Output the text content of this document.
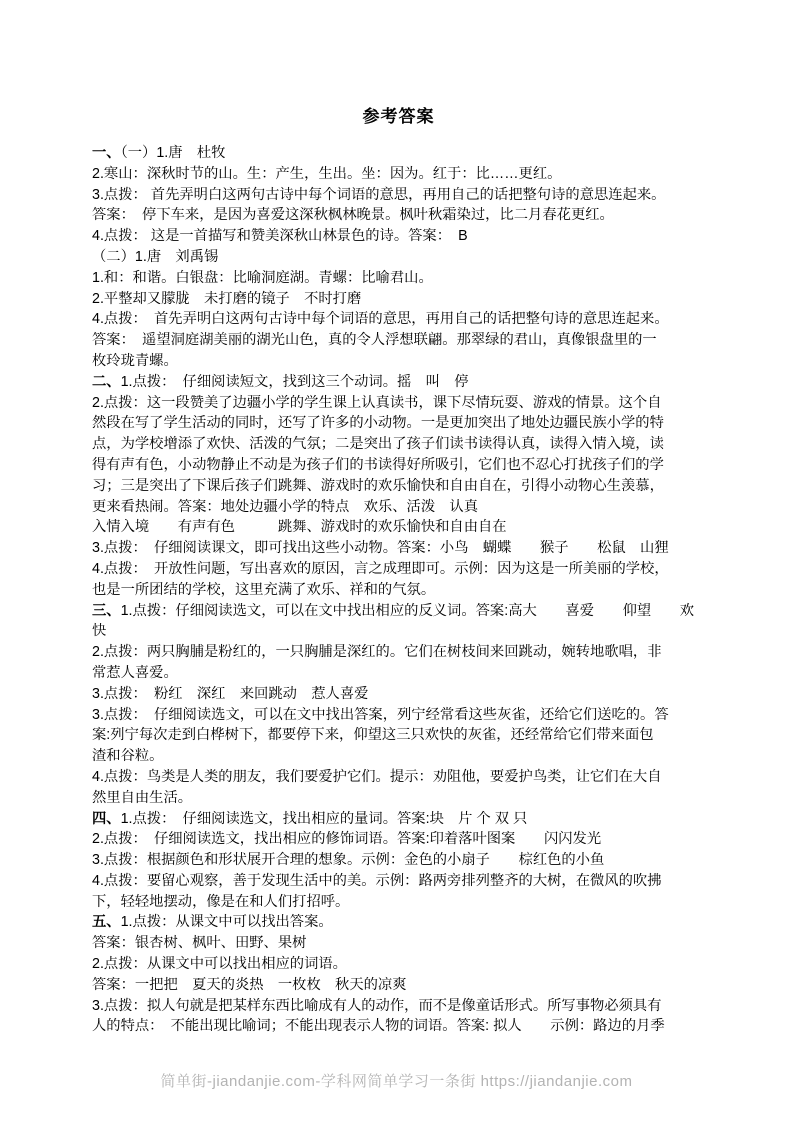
参考答案

一、（一）1.唐　杜牧

2.寒山：深秋时节的山。生：产生，生出。坐：因为。红于：比……更红。

3.点拨： 首先弄明白这两句古诗中每个词语的意思，再用自己的话把整句诗的意思连起来。

答案：　停下车来，是因为喜爱这深秋枫林晚景。枫叶秋霜染过，比二月春花更红。

4.点拨： 这是一首描写和赞美深秋山林景色的诗。答案：　B

（二）1.唐　刘禹锡

1.和：和谐。白银盘：比喻洞庭湖。青螺：比喻君山。

2.平整却又朦胧　未打磨的镜子　不时打磨

4.点拨：　首先弄明白这两句古诗中每个词语的意思，再用自己的话把整句诗的意思连起来。

答案：　遥望洞庭湖美丽的湖光山色，真的令人浮想联翩。那翠绿的君山，真像银盘里的一

枚玲珑青螺。

二、1.点拨：　仔细阅读短文，找到这三个动词。摇　叫　停

2.点拨：这一段赞美了边疆小学的学生课上认真读书，课下尽情玩耍、游戏的情景。这个自

然段在写了学生活动的同时，还写了许多的小动物。一是更加突出了地处边疆民族小学的特

点，为学校增添了欢快、活泼的气氛；二是突出了孩子们读书读得认真，读得入情入境，读

得有声有色，小动物静止不动是为孩子们的书读得好所吸引，它们也不忍心打扰孩子们的学

习；三是突出了下课后孩子们跳舞、游戏时的欢乐愉快和自由自在，引得小动物心生羡慕，

更来看热闹。答案：地处边疆小学的特点　欢乐、活泼　认真

入情入境　　有声有色　　　跳舞、游戏时的欢乐愉快和自由自在

3.点拨：　仔细阅读课文，即可找出这些小动物。答案：小鸟　蝴蝶　　猴子　　松鼠　山狸

4.点拨：　开放性问题，写出喜欢的原因，言之成理即可。示例：因为这是一所美丽的学校，

也是一所团结的学校，这里充满了欢乐、祥和的气氛。

三、1.点拨：仔细阅读选文，可以在文中找出相应的反义词。答案:高大　　喜爱　　仰望　　欢

快

2.点拨：两只胸脯是粉红的，一只胸脯是深红的。它们在树枝间来回跳动，婉转地歌唱，非

常惹人喜爱。

3.点拨：　粉红　深红　来回跳动　惹人喜爱

3.点拨：　仔细阅读选文，可以在文中找出答案，列宁经常看这些灰雀，还给它们送吃的。答

案:列宁每次走到白桦树下，都要停下来，仰望这三只欢快的灰雀，还经常给它们带来面包

渣和谷粒。

4.点拨：鸟类是人类的朋友，我们要爱护它们。提示：劝阻他，要爱护鸟类，让它们在大自

然里自由生活。

四、1.点拨：　仔细阅读选文，找出相应的量词。答案:块　片 个 双 只

2.点拨：　仔细阅读选文，找出相应的修饰词语。答案:印着落叶图案　　闪闪发光

3.点拨：根据颜色和形状展开合理的想象。示例：金色的小扇子　　棕红色的小鱼

4.点拨：要留心观察，善于发现生活中的美。示例：路两旁排列整齐的大树，在微风的吹拂

下，轻轻地摆动，像是在和人们打招呼。

五、1.点拨：从课文中可以找出答案。

答案：银杏树、枫叶、田野、果树

2.点拨：从课文中可以找出相应的词语。

答案：一把把　夏天的炎热　一枚枚　秋天的凉爽

3.点拨：拟人句就是把某样东西比喻成有人的动作，而不是像童话形式。所写事物必须具有

人的特点：　不能出现比喻词；不能出现表示人物的词语。答案: 拟人　　示例：路边的月季

简单街-jiandanjie.com-学科网简单学习一条街 https://jiandanjie.com
